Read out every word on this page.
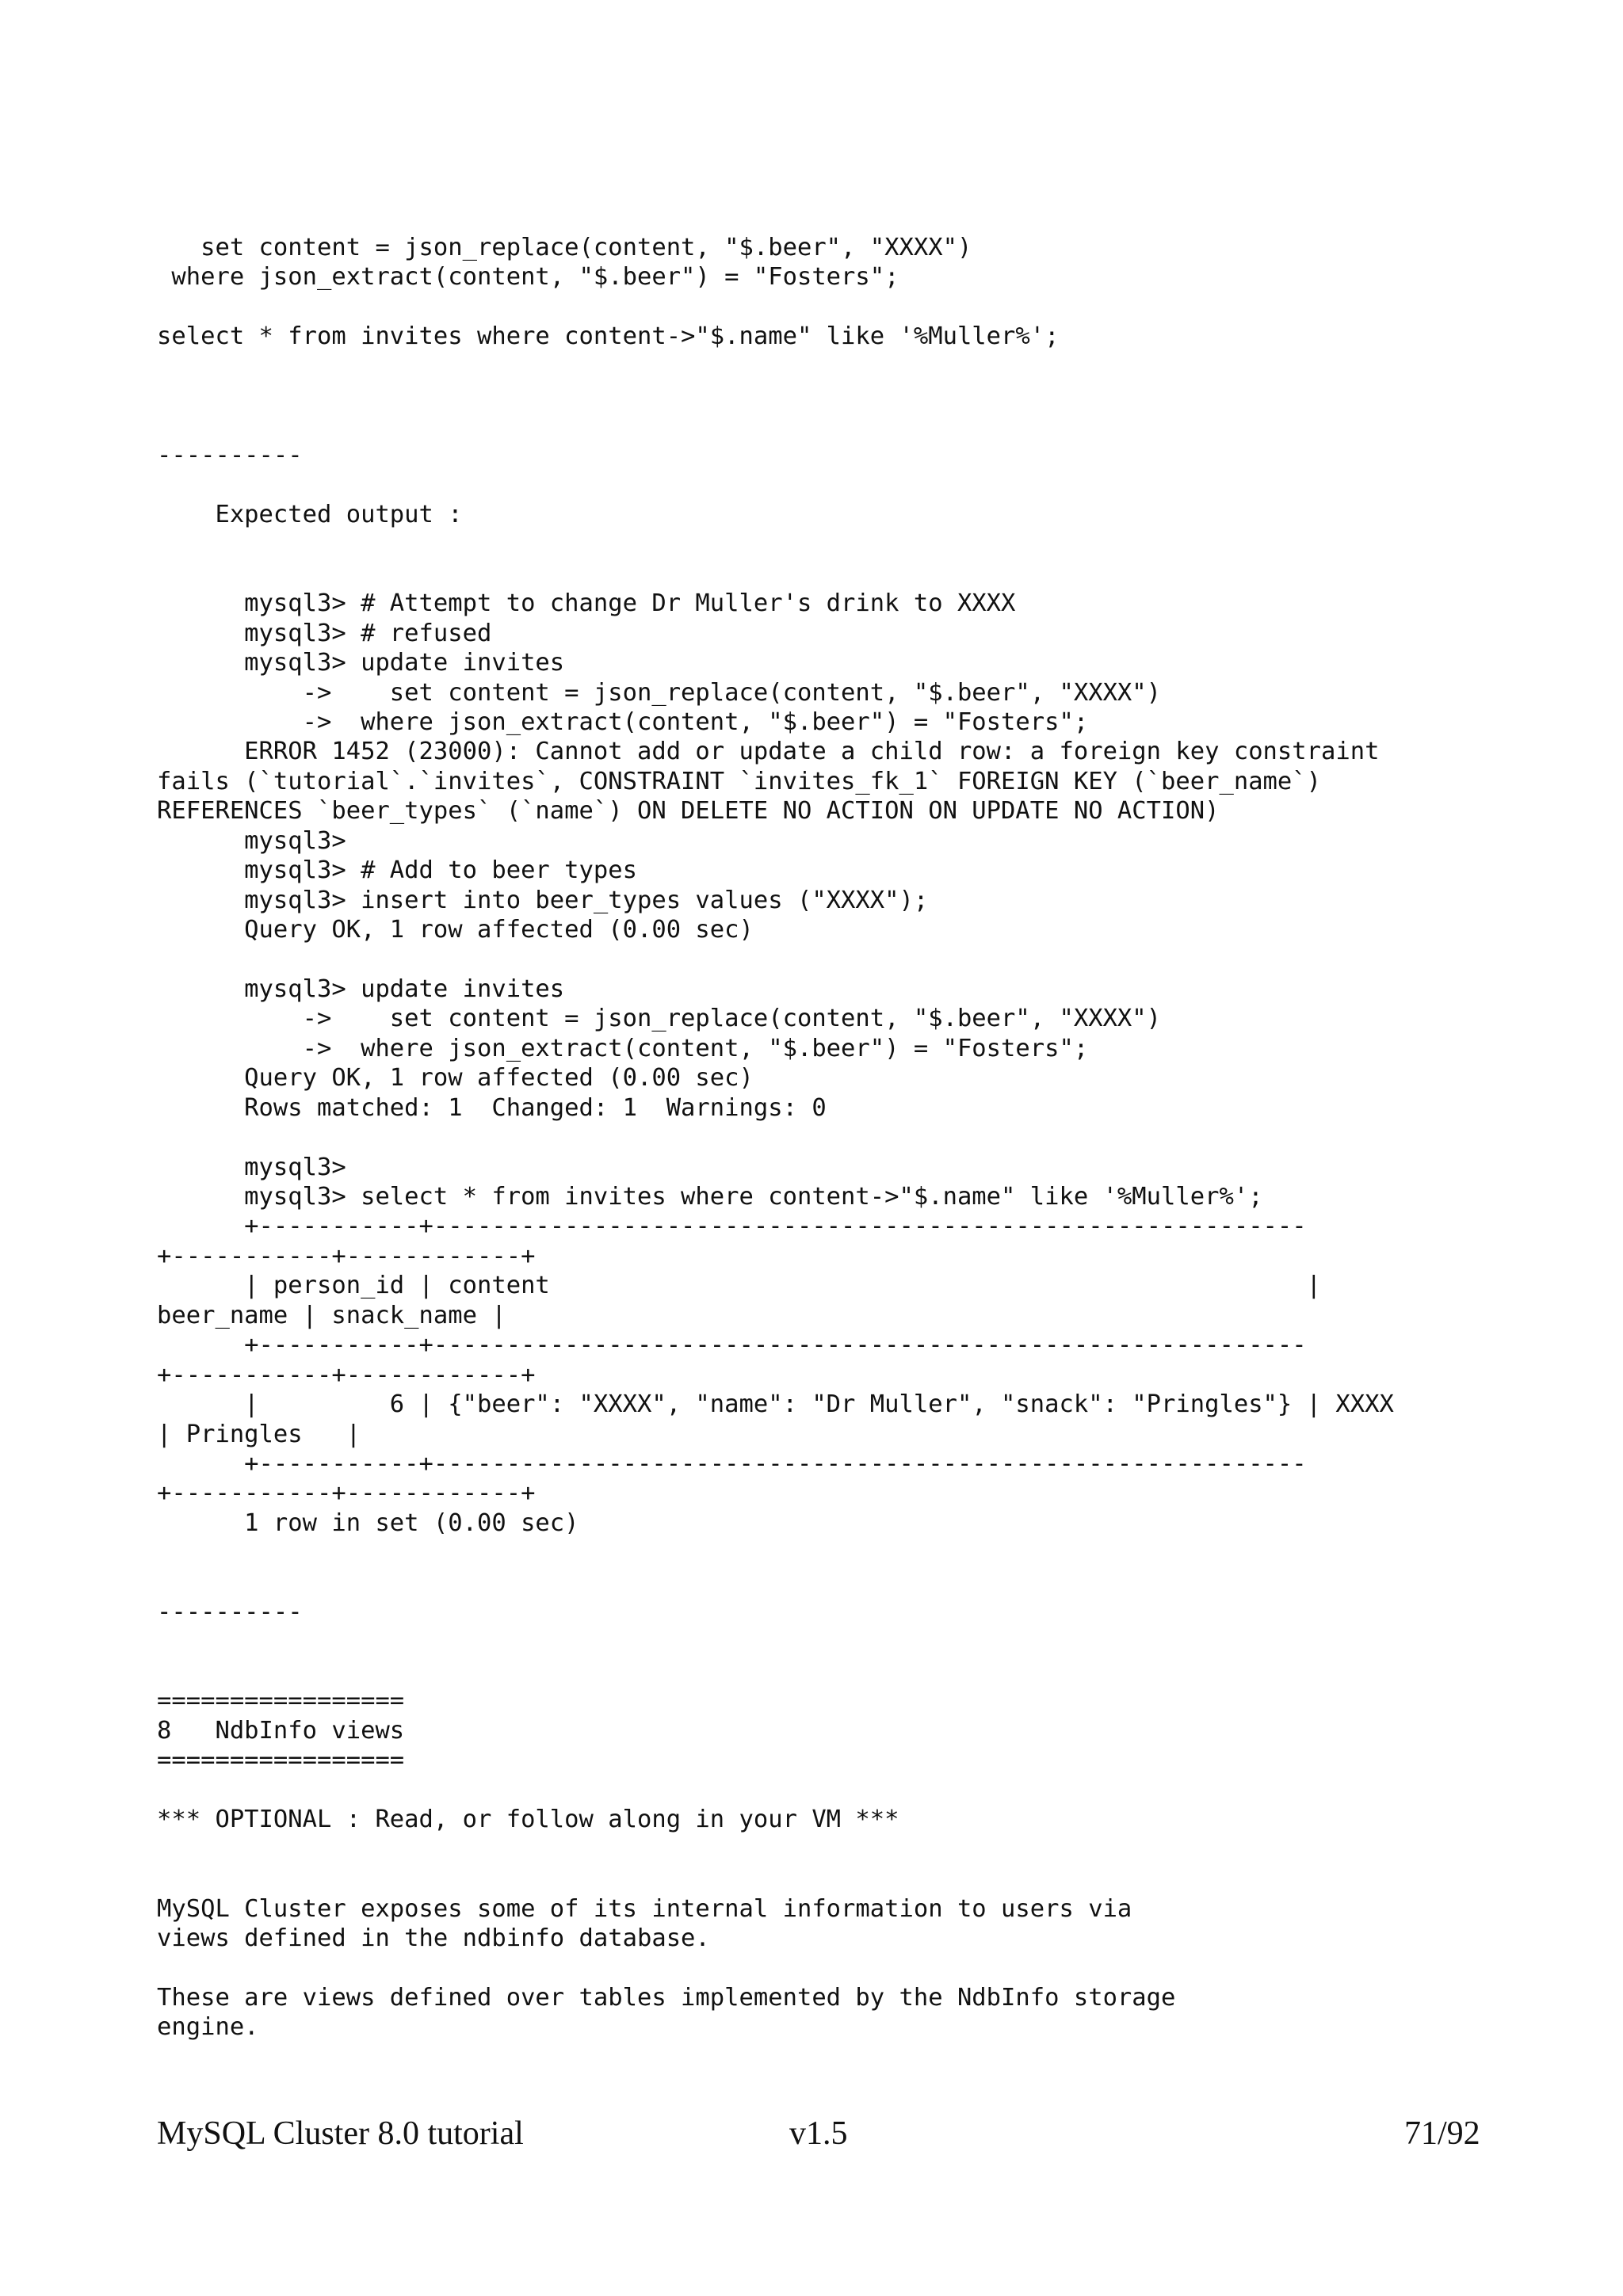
set content = json_replace(content, "$.beer", "XXXX")
where json_extract(content, "$.beer") = "Fosters";
select * from invites where content->"$.name" like '%Muller%';
----------
Expected output :
mysql3> # Attempt to change Dr Muller's drink to XXXX
mysql3> # refused
mysql3> update invites
->    set content = json_replace(content, "$.beer", "XXXX")
->  where json_extract(content, "$.beer") = "Fosters";
ERROR 1452 (23000): Cannot add or update a child row: a foreign key constraint
fails (`tutorial`.`invites`, CONSTRAINT `invites_fk_1` FOREIGN KEY (`beer_name`)
REFERENCES `beer_types` (`name`) ON DELETE NO ACTION ON UPDATE NO ACTION)
mysql3>
mysql3> # Add to beer types
mysql3> insert into beer_types values ("XXXX");
Query OK, 1 row affected (0.00 sec)
mysql3> update invites
->    set content = json_replace(content, "$.beer", "XXXX")
->  where json_extract(content, "$.beer") = "Fosters";
Query OK, 1 row affected (0.00 sec)
Rows matched: 1  Changed: 1  Warnings: 0
mysql3>
mysql3> select * from invites where content->"$.name" like '%Muller%';
+-----------+------------------------------------------------------------
+-----------+------------+
| person_id | content                                                    |
beer_name | snack_name |
+-----------+------------------------------------------------------------
+-----------+------------+
|         6 | {"beer": "XXXX", "name": "Dr Muller", "snack": "Pringles"} | XXXX
| Pringles   |
+-----------+------------------------------------------------------------
+-----------+------------+
1 row in set (0.00 sec)
----------
=================
8   NdbInfo views
=================
*** OPTIONAL : Read, or follow along in your VM ***
MySQL Cluster exposes some of its internal information to users via
views defined in the ndbinfo database.
These are views defined over tables implemented by the NdbInfo storage
engine.
MySQL Cluster 8.0 tutorial	v1.5	71/92
